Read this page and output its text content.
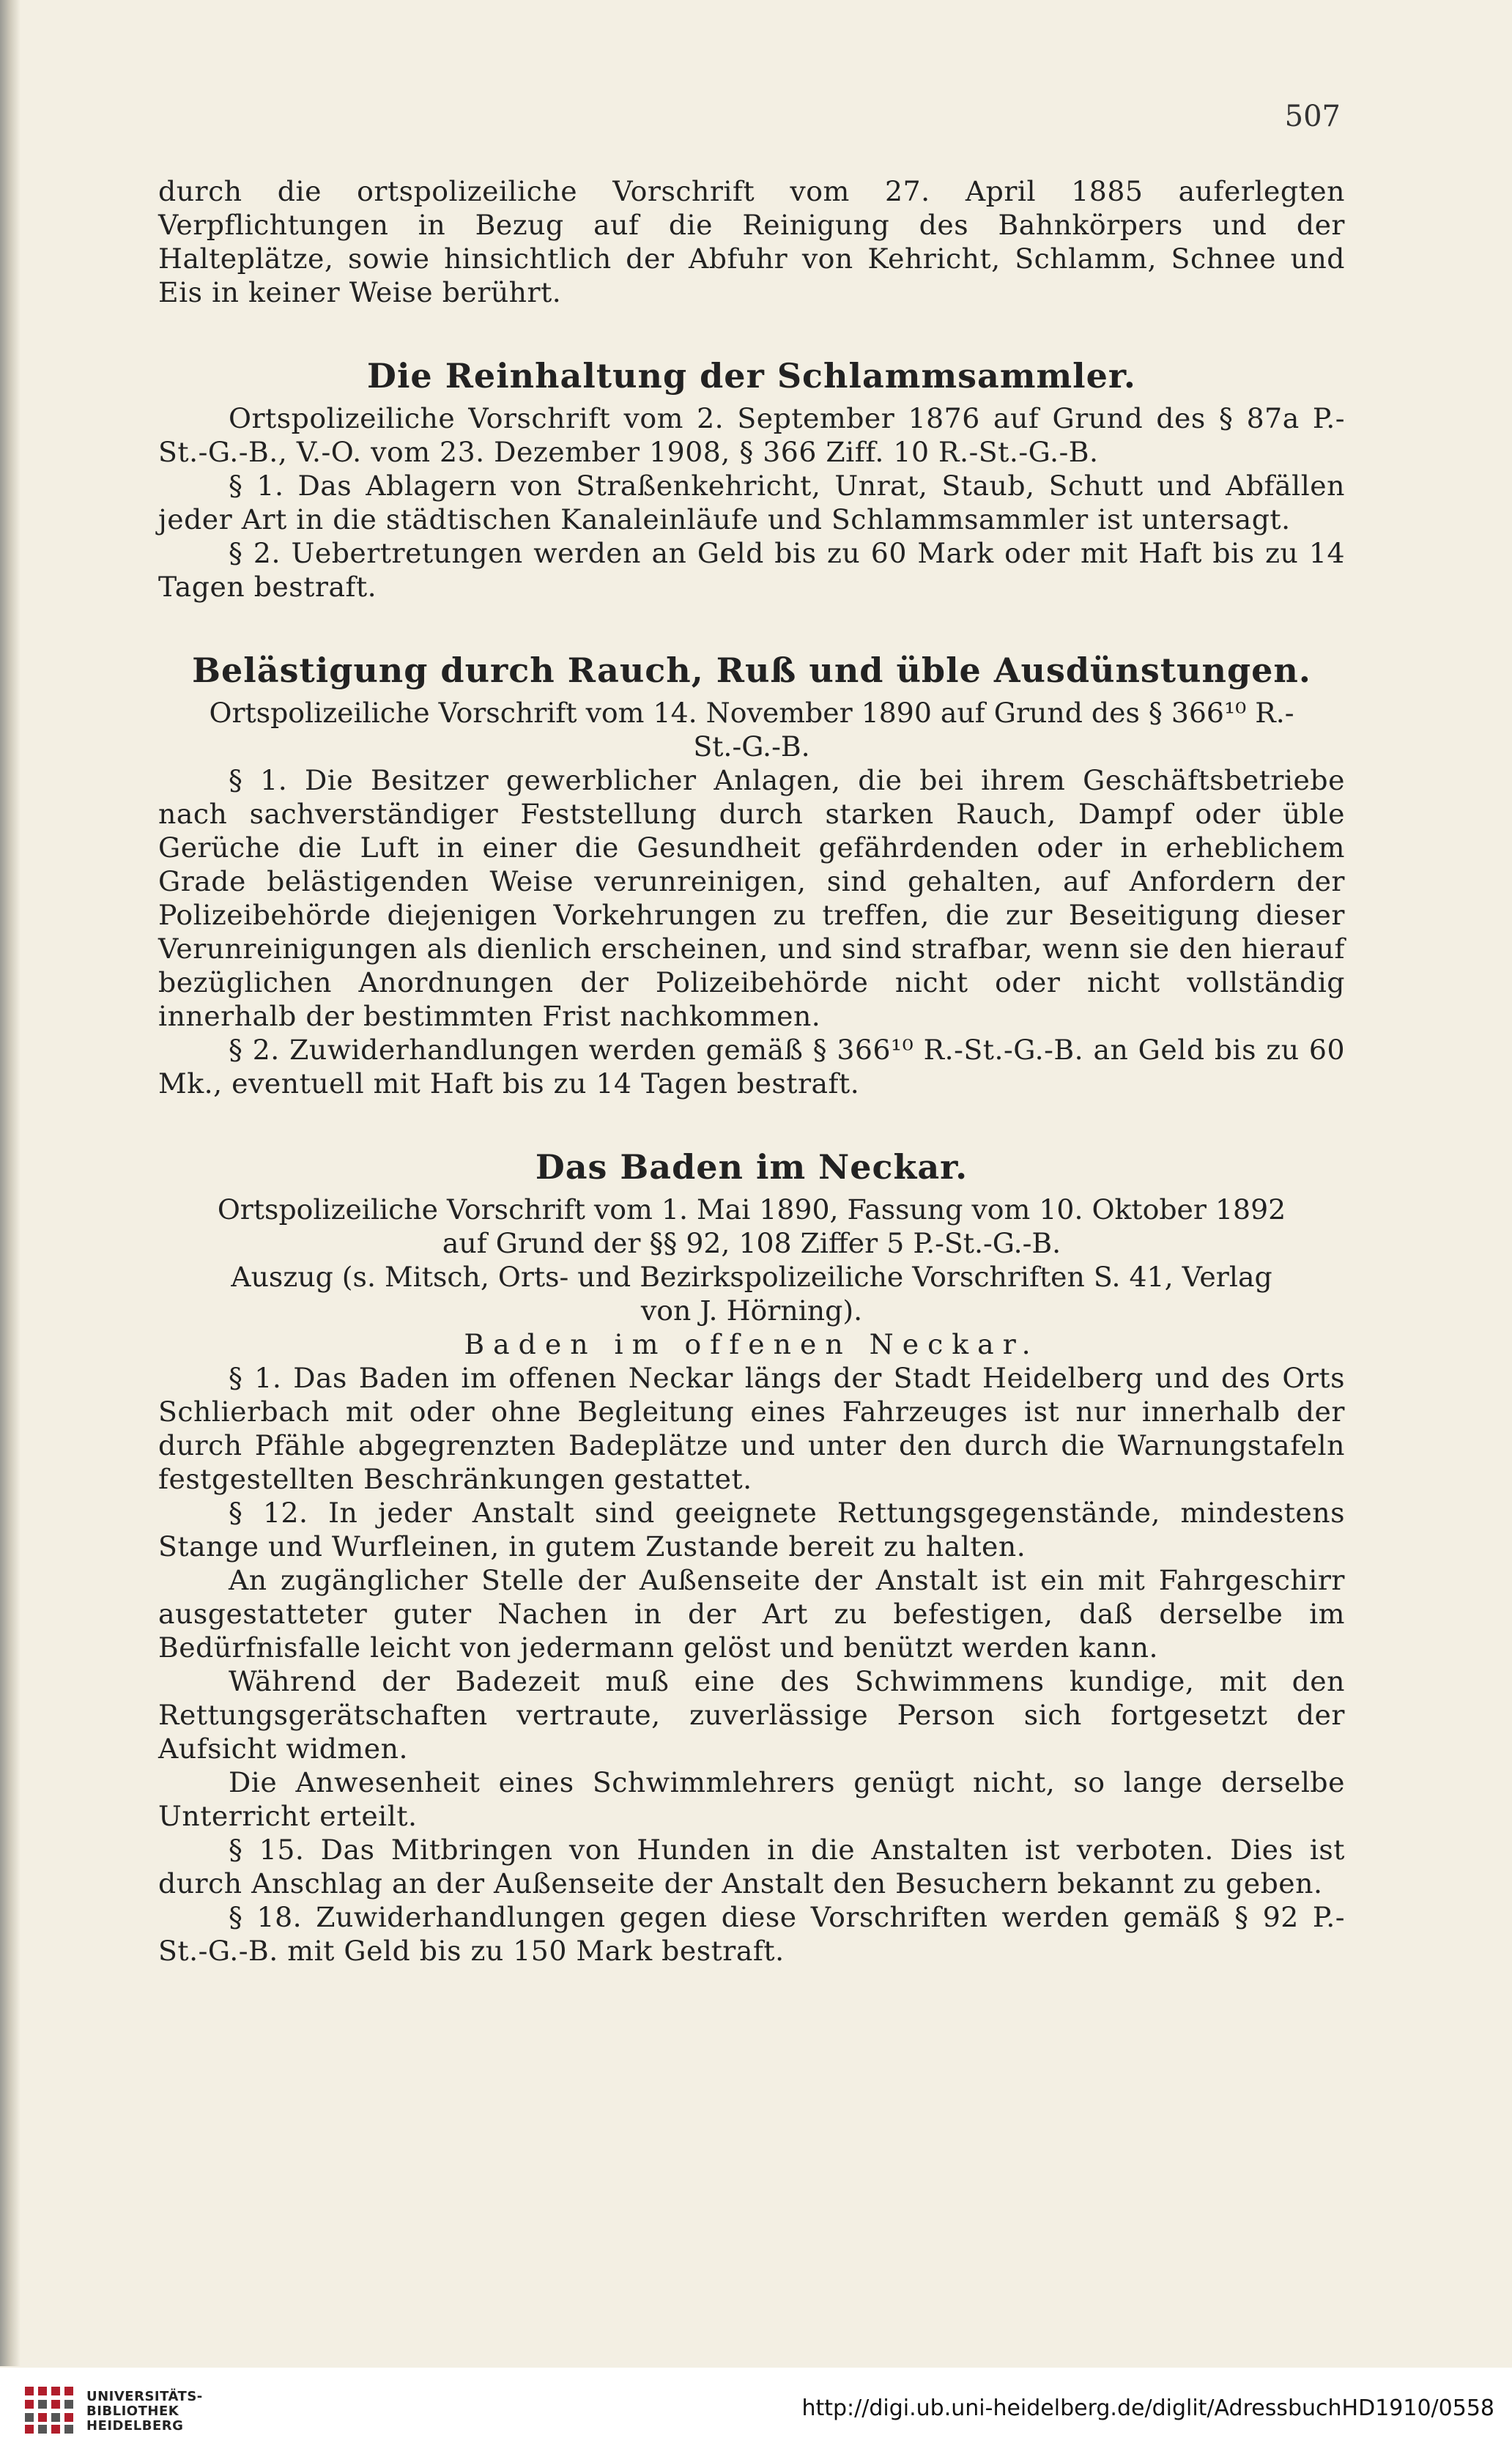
507

durch die ortspolizeiliche Vorschrift vom 27. April 1885 auferlegten Verpflichtungen in Bezug auf die Reinigung des Bahnkörpers und der Halteplätze, sowie hinsichtlich der Abfuhr von Kehricht, Schlamm, Schnee und Eis in keiner Weise berührt.

Die Reinhaltung der Schlammsammler.

Ortspolizeiliche Vorschrift vom 2. September 1876 auf Grund des § 87a P.-St.-G.-B., V.-O. vom 23. Dezember 1908, § 366 Ziff. 10 R.-St.-G.-B.

§ 1. Das Ablagern von Straßenkehricht, Unrat, Staub, Schutt und Abfällen jeder Art in die städtischen Kanaleinläufe und Schlammsammler ist untersagt.

§ 2. Uebertretungen werden an Geld bis zu 60 Mark oder mit Haft bis zu 14 Tagen bestraft.

Belästigung durch Rauch, Ruß und üble Ausdünstungen.

Ortspolizeiliche Vorschrift vom 14. November 1890 auf Grund des § 366¹⁰ R.-St.-G.-B.

§ 1. Die Besitzer gewerblicher Anlagen, die bei ihrem Geschäftsbetriebe nach sachverständiger Feststellung durch starken Rauch, Dampf oder üble Gerüche die Luft in einer die Gesundheit gefährdenden oder in erheblichem Grade belästigenden Weise verunreinigen, sind gehalten, auf Anfordern der Polizeibehörde diejenigen Vorkehrungen zu treffen, die zur Beseitigung dieser Verunreinigungen als dienlich erscheinen, und sind strafbar, wenn sie den hierauf bezüglichen Anordnungen der Polizeibehörde nicht oder nicht vollständig innerhalb der bestimmten Frist nachkommen.

§ 2. Zuwiderhandlungen werden gemäß § 366¹⁰ R.-St.-G.-B. an Geld bis zu 60 Mk., eventuell mit Haft bis zu 14 Tagen bestraft.

Das Baden im Neckar.

Ortspolizeiliche Vorschrift vom 1. Mai 1890, Fassung vom 10. Oktober 1892 auf Grund der §§ 92, 108 Ziffer 5 P.-St.-G.-B.

Auszug (s. Mitsch, Orts- und Bezirkspolizeiliche Vorschriften S. 41, Verlag von J. Hörning).

Baden im offenen Neckar.

§ 1. Das Baden im offenen Neckar längs der Stadt Heidelberg und des Orts Schlierbach mit oder ohne Begleitung eines Fahrzeuges ist nur innerhalb der durch Pfähle abgegrenzten Badeplätze und unter den durch die Warnungstafeln festgestellten Beschränkungen gestattet.

§ 12. In jeder Anstalt sind geeignete Rettungsgegenstände, mindestens Stange und Wurfleinen, in gutem Zustande bereit zu halten.

An zugänglicher Stelle der Außenseite der Anstalt ist ein mit Fahrgeschirr ausgestatteter guter Nachen in der Art zu befestigen, daß derselbe im Bedürfnisfalle leicht von jedermann gelöst und benützt werden kann.

Während der Badezeit muß eine des Schwimmens kundige, mit den Rettungsgerätschaften vertraute, zuverlässige Person sich fortgesetzt der Aufsicht widmen.

Die Anwesenheit eines Schwimmlehrers genügt nicht, so lange derselbe Unterricht erteilt.

§ 15. Das Mitbringen von Hunden in die Anstalten ist verboten. Dies ist durch Anschlag an der Außenseite der Anstalt den Besuchern bekannt zu geben.

§ 18. Zuwiderhandlungen gegen diese Vorschriften werden gemäß § 92 P.-St.-G.-B. mit Geld bis zu 150 Mark bestraft.

UNIVERSITÄTS-
BIBLIOTHEK
HEIDELBERG
http://digi.ub.uni-heidelberg.de/diglit/AdressbuchHD1910/0558
